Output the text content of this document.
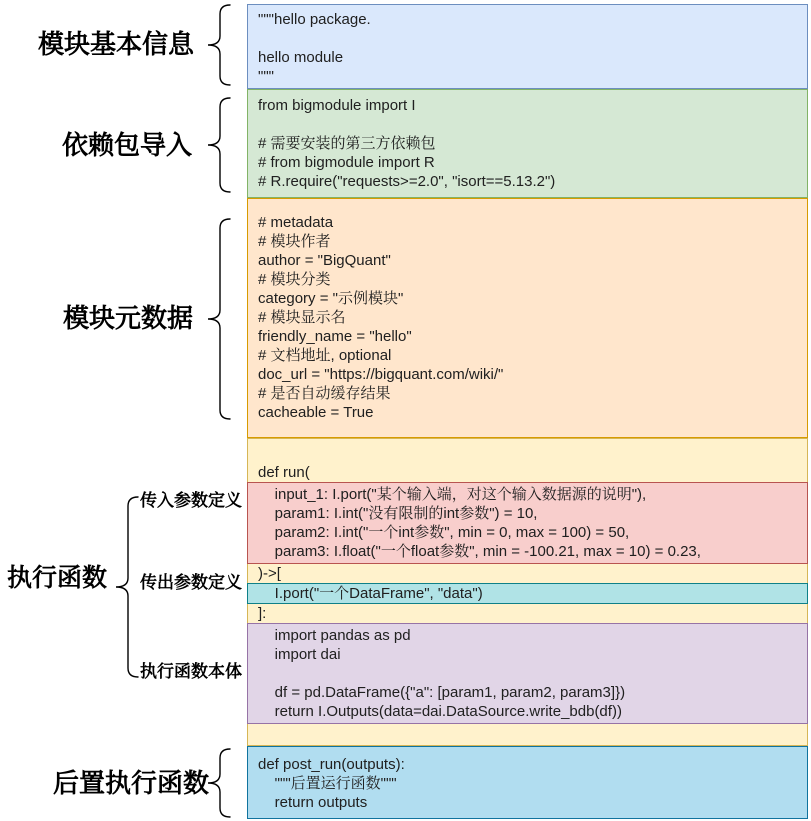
模块基本信息
依赖包导入
模块元数据
执行函数
传入参数定义
传出参数定义
执行函数本体
后置执行函数
"""hello package.
hello module
"""
from bigmodule import I
# 需要安装的第三方依赖包
# from bigmodule import R
# R.require("requests>=2.0", "isort==5.13.2")
# metadata
# 模块作者
author = "BigQuant"
# 模块分类
category = "示例模块"
# 模块显示名
friendly_name = "hello"
# 文档地址, optional
doc_url = "https://bigquant.com/wiki/"
# 是否自动缓存结果
cacheable = True
def run(
input_1: I.port("某个输入端，对这个输入数据源的说明"),
param1: I.int("没有限制的int参数") = 10,
param2: I.int("一个int参数", min = 0, max = 100) = 50,
param3: I.float("一个float参数", min = -100.21, max = 10) = 0.23,
)->[
I.port("一个DataFrame", "data")
]:
import pandas as pd
import dai
df = pd.DataFrame({"a": [param1, param2, param3]})
return I.Outputs(data=dai.DataSource.write_bdb(df))
def post_run(outputs):
"""后置运行函数"""
return outputs
